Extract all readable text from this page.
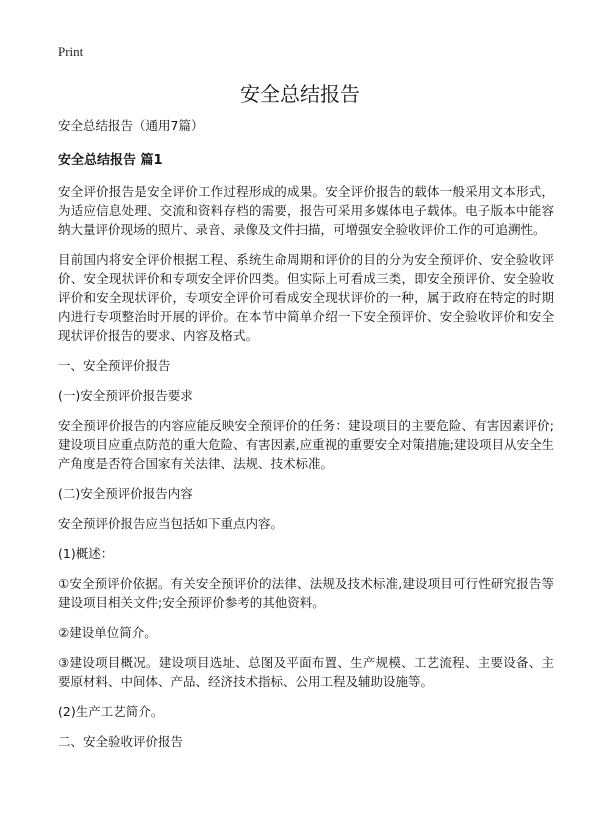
Print
安全总结报告

安全总结报告（通用7篇）

安全总结报告 篇1

安全评价报告是安全评价工作过程形成的成果。安全评价报告的载体一般采用文本形式，为适应信息处理、交流和资料存档的需要，报告可采用多媒体电子载体。电子版本中能容纳大量评价现场的照片、录音、录像及文件扫描，可增强安全验收评价工作的可追溯性。

目前国内将安全评价根据工程、系统生命周期和评价的目的分为安全预评价、安全验收评价、安全现状评价和专项安全评价四类。但实际上可看成三类，即安全预评价、安全验收评价和安全现状评价，专项安全评价可看成安全现状评价的一种，属于政府在特定的时期内进行专项整治时开展的评价。在本节中简单介绍一下安全预评价、安全验收评价和安全现状评价报告的要求、内容及格式。

一、安全预评价报告

(一)安全预评价报告要求

安全预评价报告的内容应能反映安全预评价的任务：建设项目的主要危险、有害因素评价;建设项目应重点防范的重大危险、有害因素,应重视的重要安全对策措施;建设项目从安全生产角度是否符合国家有关法律、法规、技术标准。

(二)安全预评价报告内容

安全预评价报告应当包括如下重点内容。

(1)概述：

①安全预评价依据。有关安全预评价的法律、法规及技术标准,建设项目可行性研究报告等建设项目相关文件;安全预评价参考的其他资料。

②建设单位简介。

③建设项目概况。建设项目选址、总图及平面布置、生产规模、工艺流程、主要设备、主要原材料、中间体、产品、经济技术指标、公用工程及辅助设施等。

(2)生产工艺简介。

二、安全验收评价报告
